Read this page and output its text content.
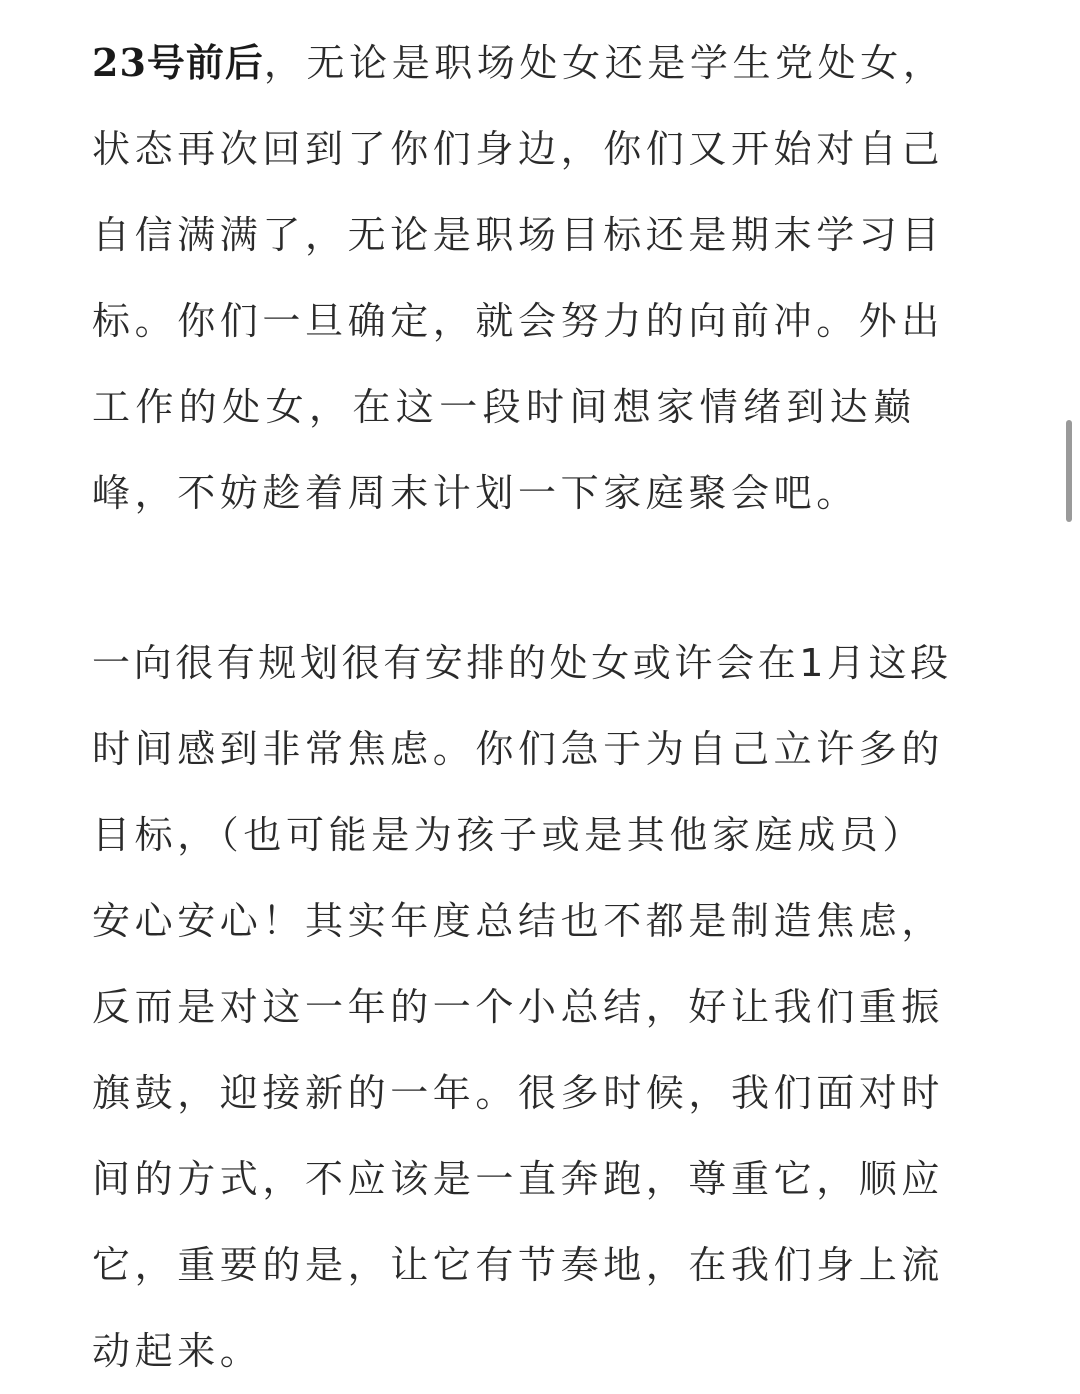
23号前后，无论是职场处女还是学生党处女，
状态再次回到了你们身边，你们又开始对自己
自信满满了，无论是职场目标还是期末学习目
标。你们一旦确定，就会努力的向前冲。外出
工作的处女，在这一段时间想家情绪到达巅
峰，不妨趁着周末计划一下家庭聚会吧。
一向很有规划很有安排的处女或许会在1月这段
时间感到非常焦虑。你们急于为自己立许多的
目标，（也可能是为孩子或是其他家庭成员）
安心安心！其实年度总结也不都是制造焦虑，
反而是对这一年的一个小总结，好让我们重振
旗鼓，迎接新的一年。很多时候，我们面对时
间的方式，不应该是一直奔跑，尊重它，顺应
它，重要的是，让它有节奏地，在我们身上流
动起来。
